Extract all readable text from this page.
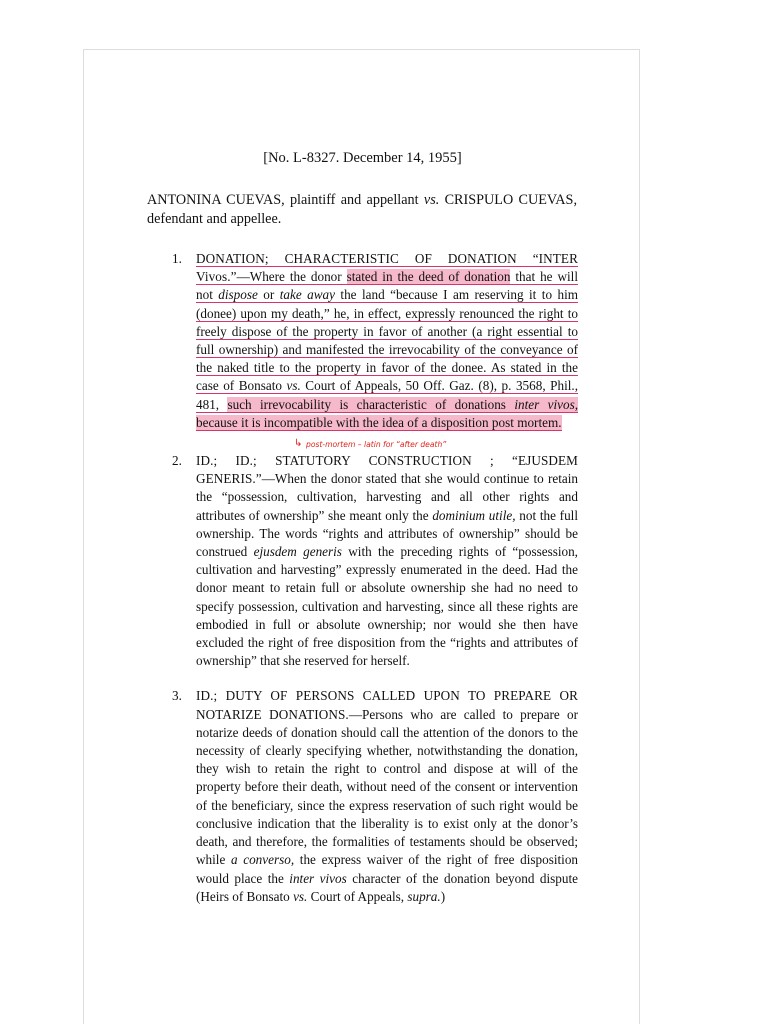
[No. L-8327. December 14, 1955]
ANTONINA CUEVAS, plaintiff and appellant vs. CRISPULO CUEVAS, defendant and appellee.
1. DONATION; CHARACTERISTIC OF DONATION “INTER Vivos.”—Where the donor stated in the deed of donation that he will not dispose or take away the land “because I am reserving it to him (donee) upon my death,” he, in effect, expressly renounced the right to freely dispose of the property in favor of another (a right essential to full ownership) and manifested the irrevocability of the conveyance of the naked title to the property in favor of the donee. As stated in the case of Bonsato vs. Court of Appeals, 50 Off. Gaz. (8), p. 3568, Phil., 481, such irrevocability is characteristic of donations inter vivos, because it is incompatible with the idea of a disposition post mortem.
↳ post-mortem – latin for “after death”
2. ID.; ID.; STATUTORY CONSTRUCTION ; “EJUSDEM GENERIS.”—When the donor stated that she would continue to retain the “possession, cultivation, harvesting and all other rights and attributes of ownership” she meant only the dominium utile, not the full ownership. The words “rights and attributes of ownership” should be construed ejusdem generis with the preceding rights of “possession, cultivation and harvesting” expressly enumerated in the deed. Had the donor meant to retain full or absolute ownership she had no need to specify possession, cultivation and harvesting, since all these rights are embodied in full or absolute ownership; nor would she then have excluded the right of free disposition from the “rights and attributes of ownership” that she reserved for herself.
3. ID.; DUTY OF PERSONS CALLED UPON TO PREPARE OR NOTARIZE DONATIONS.—Persons who are called to prepare or notarize deeds of donation should call the attention of the donors to the necessity of clearly specifying whether, notwithstanding the donation, they wish to retain the right to control and dispose at will of the property before their death, without need of the consent or intervention of the beneficiary, since the express reservation of such right would be conclusive indication that the liberality is to exist only at the donor’s death, and therefore, the formalities of testaments should be observed; while a converso, the express waiver of the right of free disposition would place the inter vivos character of the donation beyond dispute (Heirs of Bonsato vs. Court of Appeals, supra.)
